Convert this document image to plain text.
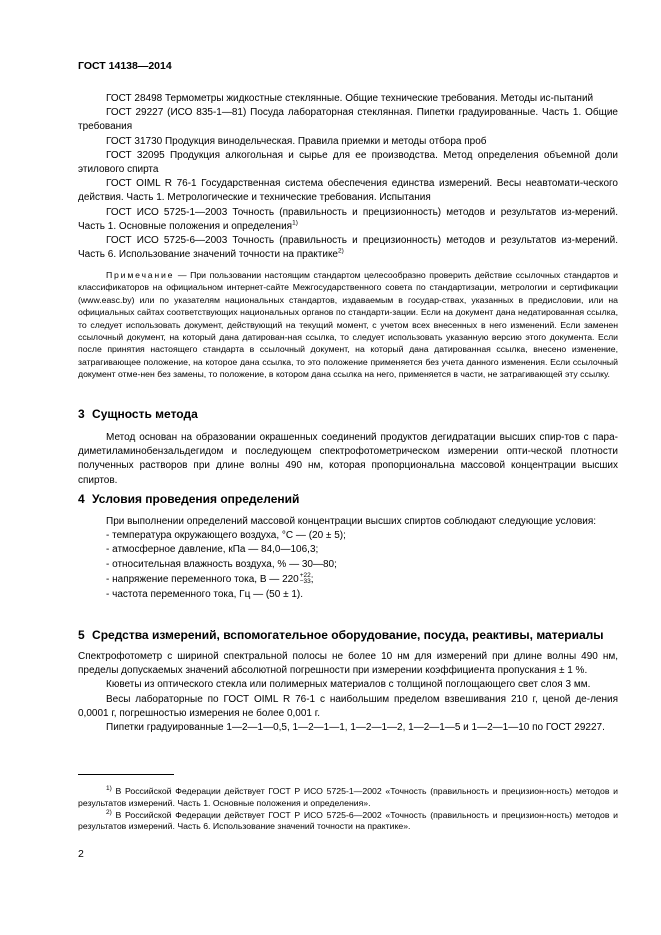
ГОСТ 14138—2014

ГОСТ 28498 Термометры жидкостные стеклянные. Общие технические требования. Методы ис-пытаний

ГОСТ 29227 (ИСО 835-1—81) Посуда лабораторная стеклянная. Пипетки градуированные. Часть 1. Общие требования

ГОСТ 31730 Продукция винодельческая. Правила приемки и методы отбора проб

ГОСТ 32095 Продукция алкогольная и сырье для ее производства. Метод определения объемной доли этилового спирта

ГОСТ OIML R 76-1 Государственная система обеспечения единства измерений. Весы неавтомати-ческого действия. Часть 1. Метрологические и технические требования. Испытания

ГОСТ ИСО 5725-1—2003 Точность (правильность и прецизионность) методов и результатов из-мерений. Часть 1. Основные положения и определения$^{1)}$

ГОСТ ИСО 5725-6—2003 Точность (правильность и прецизионность) методов и результатов из-мерений. Часть 6. Использование значений точности на практике$^{2)}$

Примечание — При пользовании настоящим стандартом целесообразно проверить действие ссылочных стандартов и классификаторов на официальном интернет-сайте Межгосударственного совета по стандартизации, метрологии и сертификации (www.easc.by) или по указателям национальных стандартов, издаваемым в государ-ствах, указанных в предисловии, или на официальных сайтах соответствующих национальных органов по стандарти-зации. Если на документ дана недатированная ссылка, то следует использовать документ, действующий на текущий момент, с учетом всех внесенных в него изменений. Если заменен ссылочный документ, на который дана датирован-ная ссылка, то следует использовать указанную версию этого документа. Если после принятия настоящего стандарта в ссылочный документ, на который дана датированная ссылка, внесено изменение, затрагивающее положение, на которое дана ссылка, то это положение применяется без учета данного изменения. Если ссылочный документ отме-нен без замены, то положение, в котором дана ссылка на него, применяется в части, не затрагивающей эту ссылку.

3 Сущность метода

Метод основан на образовании окрашенных соединений продуктов дегидратации высших спир-тов с пара-диметиламинобензальдегидом и последующем спектрофотометрическом измерении опти-ческой плотности полученных растворов при длине волны 490 нм, которая пропорциональна массовой концентрации высших спиртов.

4 Условия проведения определений

При выполнении определений массовой концентрации высших спиртов соблюдают следующие условия:

- температура окружающего воздуха, °С — (20 ± 5);

- атмосферное давление, кПа — 84,0—106,3;

- относительная влажность воздуха, % — 30—80;

- напряжение переменного тока, В — 220 +22
−33 ;

- частота переменного тока, Гц — (50 ± 1).

5 Средства измерений, вспомогательное оборудование, посуда, реактивы, материалы

Спектрофотометр с шириной спектральной полосы не более 10 нм для измерений при длине волны 490 нм, пределы допускаемых значений абсолютной погрешности при измерении коэффициента пропускания ± 1 %.

Кюветы из оптического стекла или полимерных материалов с толщиной поглощающего свет слоя 3 мм.

Весы лабораторные по ГОСТ OIML R 76-1 с наибольшим пределом взвешивания 210 г, ценой де-ления 0,0001 г, погрешностью измерения не более 0,001 г.

Пипетки градуированные 1—2—1—0,5, 1—2—1—1, 1—2—1—2, 1—2—1—5 и 1—2—1—10 по ГОСТ 29227.

$^{1)}$ В Российской Федерации действует ГОСТ Р ИСО 5725-1—2002 «Точность (правильность и прецизион-ность) методов и результатов измерений. Часть 1. Основные положения и определения».

$^{2)}$ В Российской Федерации действует ГОСТ Р ИСО 5725-6—2002 «Точность (правильность и прецизион-ность) методов и результатов измерений. Часть 6. Использование значений точности на практике».

2
